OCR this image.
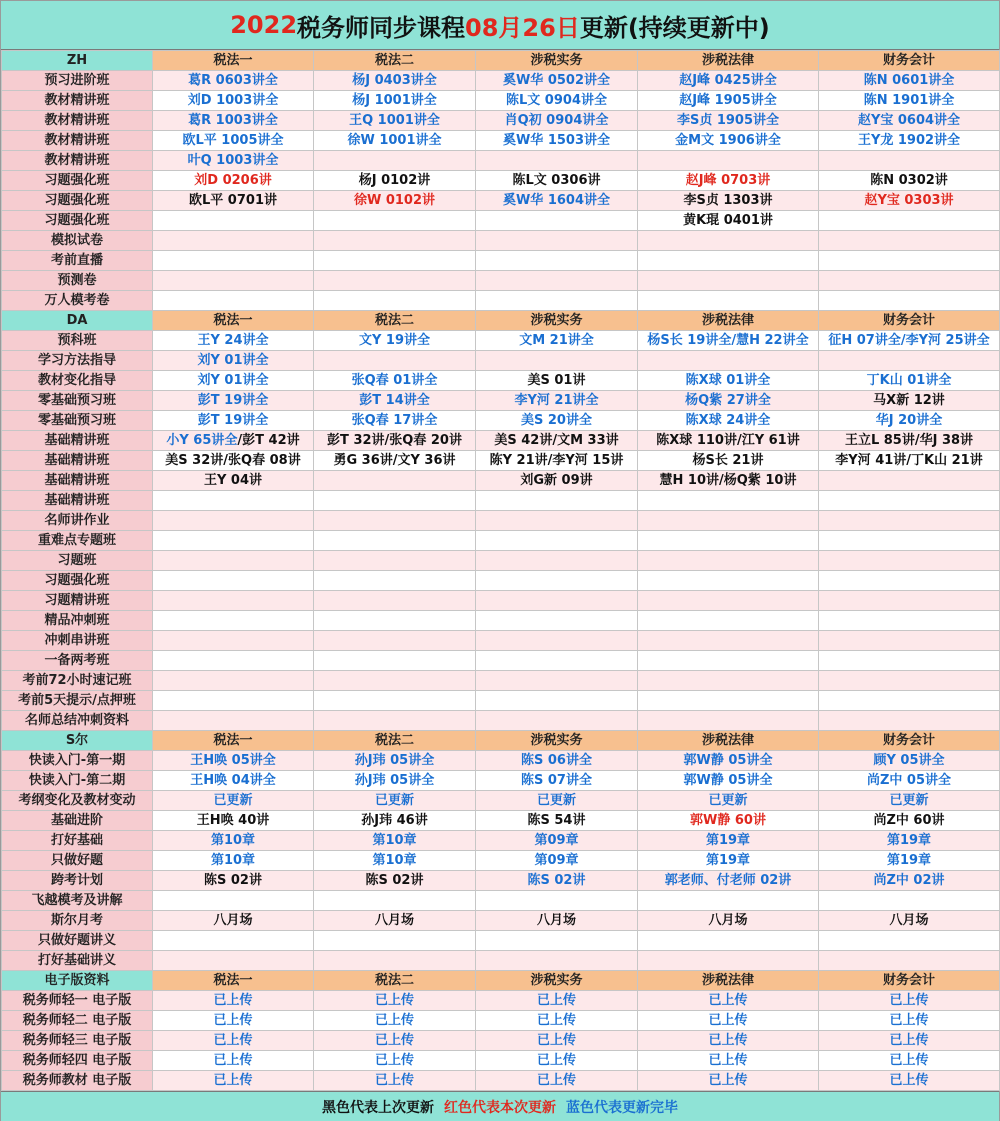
2022 税务师同步课程 08月26日 更新(持续更新中)
ZH	税法一	税法二	涉税实务	涉税法律	财务会计
预习进阶班	葛R 0603讲全	杨J 0403讲全	奚W华 0502讲全	赵J峰 0425讲全	陈N 0601讲全
教材精讲班	刘D 1003讲全	杨J 1001讲全	陈L文 0904讲全	赵J峰 1905讲全	陈N 1901讲全
教材精讲班	葛R 1003讲全	王Q 1001讲全	肖Q初 0904讲全	李S贞 1905讲全	赵Y宝 0604讲全
教材精讲班	欧L平 1005讲全	徐W 1001讲全	奚W华 1503讲全	金M文 1906讲全	王Y龙 1902讲全
教材精讲班	叶Q 1003讲全				
习题强化班	刘D 0206讲	杨J 0102讲	陈L文 0306讲	赵J峰 0703讲	陈N 0302讲
习题强化班	欧L平 0701讲	徐W 0102讲	奚W华 1604讲全	李S贞 1303讲	赵Y宝 0303讲
习题强化班				黄K琨 0401讲	
模拟试卷					
考前直播					
预测卷					
万人模考卷					
DA	税法一	税法二	涉税实务	涉税法律	财务会计
预科班	王Y 24讲全	文Y 19讲全	文M 21讲全	杨S长 19讲全/慧H 22讲全	征H 07讲全/李Y河 25讲全
学习方法指导	刘Y 01讲全				
教材变化指导	刘Y 01讲全	张Q春 01讲全	美S 01讲	陈X球 01讲全	丁K山 01讲全
零基础预习班	彭T 19讲全	彭T 14讲全	李Y河 21讲全	杨Q紫 27讲全	马X新 12讲
零基础预习班	彭T 19讲全	张Q春 17讲全	美S 20讲全	陈X球 24讲全	华J 20讲全
基础精讲班	小Y 65讲全/彭T 42讲	彭T 32讲/张Q春 20讲	美S 42讲/文M 33讲	陈X球 110讲/江Y 61讲	王立L 85讲/华J 38讲
基础精讲班	美S 32讲/张Q春 08讲	勇G 36讲/文Y 36讲	陈Y 21讲/李Y河 15讲	杨S长 21讲	李Y河 41讲/丁K山 21讲
基础精讲班	王Y 04讲		刘G新 09讲	慧H 10讲/杨Q紫 10讲	
基础精讲班					
名师讲作业					
重难点专题班					
习题班					
习题强化班					
习题精讲班					
精品冲刺班					
冲刺串讲班					
一备两考班					
考前72小时速记班					
考前5天提示/点押班					
名师总结冲刺资料					
S尔	税法一	税法二	涉税实务	涉税法律	财务会计
快读入门-第一期	王H唤 05讲全	孙J玮 05讲全	陈S 06讲全	郭W静 05讲全	顾Y 05讲全
快读入门-第二期	王H唤 04讲全	孙J玮 05讲全	陈S 07讲全	郭W静 05讲全	尚Z中 05讲全
考纲变化及教材变动	已更新	已更新	已更新	已更新	已更新
基础进阶	王H唤 40讲	孙J玮 46讲	陈S 54讲	郭W静 60讲	尚Z中 60讲
打好基础	第10章	第10章	第09章	第19章	第19章
只做好题	第10章	第10章	第09章	第19章	第19章
跨考计划	陈S 02讲	陈S 02讲	陈S 02讲	郭老师、付老师 02讲	尚Z中 02讲
飞越模考及讲解					
斯尔月考	八月场	八月场	八月场	八月场	八月场
只做好题讲义					
打好基础讲义					
电子版资料	税法一	税法二	涉税实务	涉税法律	财务会计
税务师轻一 电子版	已上传	已上传	已上传	已上传	已上传
税务师轻二 电子版	已上传	已上传	已上传	已上传	已上传
税务师轻三 电子版	已上传	已上传	已上传	已上传	已上传
税务师轻四 电子版	已上传	已上传	已上传	已上传	已上传
税务师教材 电子版	已上传	已上传	已上传	已上传	已上传
黑色代表上次更新 红色代表本次更新 蓝色代表更新完毕
